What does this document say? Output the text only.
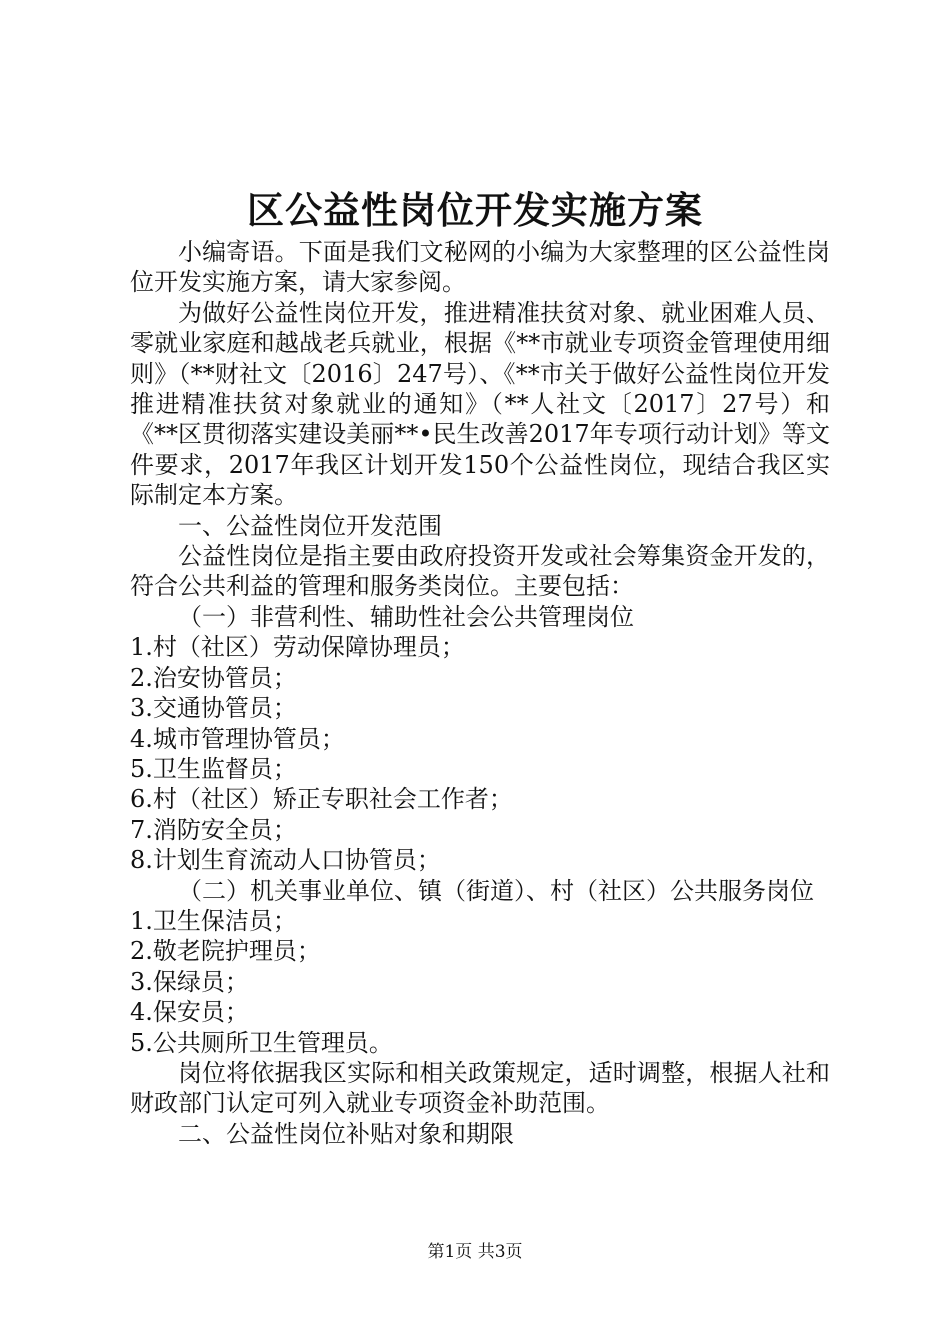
区公益性岗位开发实施方案

小编寄语。下面是我们文秘网的小编为大家整理的区公益性岗位开发实施方案，请大家参阅。

为做好公益性岗位开发，推进精准扶贫对象、就业困难人员、零就业家庭和越战老兵就业，根据《**市就业专项资金管理使用细则》（**财社文〔2016〕247号）、《**市关于做好公益性岗位开发推进精准扶贫对象就业的通知》（**人社文〔2017〕27号）和《**区贯彻落实建设美丽**•民生改善2017年专项行动计划》等文件要求，2017年我区计划开发150个公益性岗位，现结合我区实际制定本方案。

一、公益性岗位开发范围

公益性岗位是指主要由政府投资开发或社会筹集资金开发的，符合公共利益的管理和服务类岗位。主要包括：

（一）非营利性、辅助性社会公共管理岗位

1.村（社区）劳动保障协理员；

2.治安协管员；

3.交通协管员；

4.城市管理协管员；

5.卫生监督员；

6.村（社区）矫正专职社会工作者；

7.消防安全员；

8.计划生育流动人口协管员；

（二）机关事业单位、镇（街道）、村（社区）公共服务岗位

1.卫生保洁员；

2.敬老院护理员；

3.保绿员；

4.保安员；

5.公共厕所卫生管理员。

岗位将依据我区实际和相关政策规定，适时调整，根据人社和财政部门认定可列入就业专项资金补助范围。

二、公益性岗位补贴对象和期限

第1页 共3页
